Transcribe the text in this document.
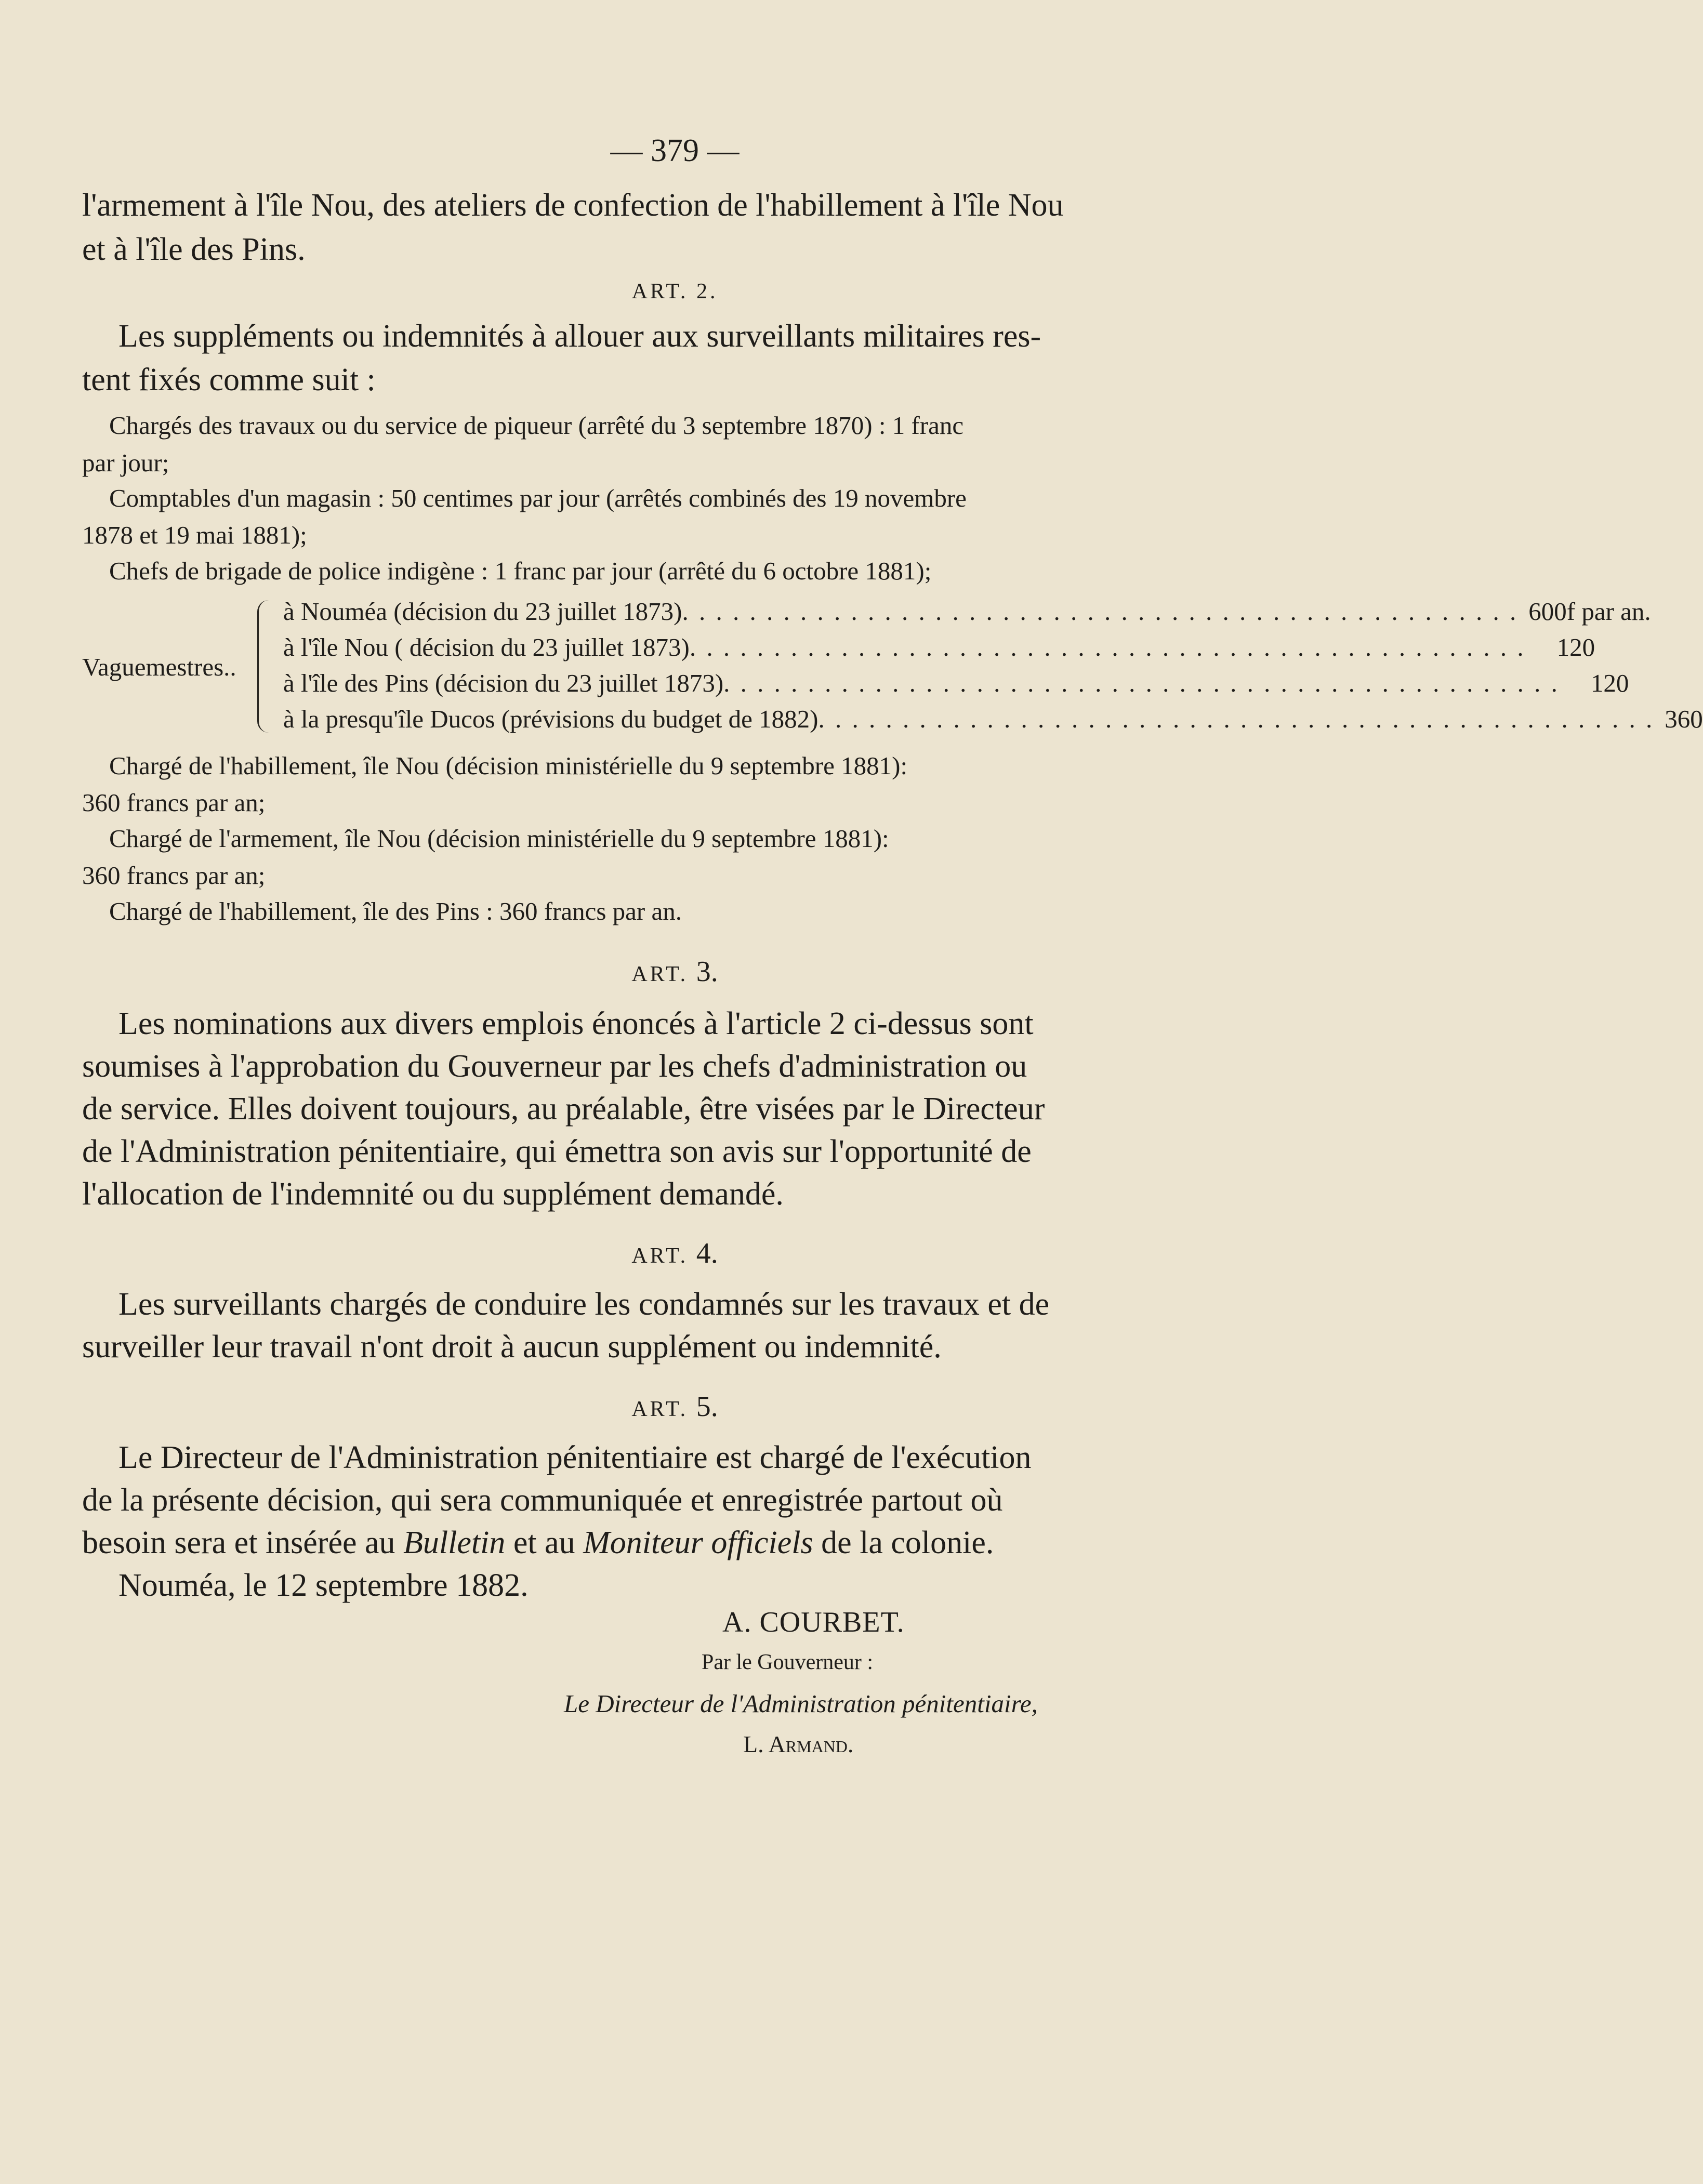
— 379 —
l'armement à l'île Nou, des ateliers de confection de l'habillement à l'île Nou
et à l'île des Pins.
ART. 2.
Les suppléments ou indemnités à allouer aux surveillants militaires res-
tent fixés comme suit :
Chargés des travaux ou du service de piqueur (arrêté du 3 septembre 1870) : 1 franc
par jour;
Comptables d'un magasin : 50 centimes par jour (arrêtés combinés des 19 novembre
1878 et 19 mai 1881);
Chefs de brigade de police indigène : 1 franc par jour (arrêté du 6 octobre 1881);
Vaguemestres..
à Nouméa (décision du 23 juillet 1873) . . . . . . . . . . . . . . . . . . . . . . . . . . . . . . . . . . . . . . . . . . . . . . . . . . 600f par an.
à l'île Nou ( décision du 23 juillet 1873) . . . . . . . . . . . . . . . . . . . . . . . . . . . . . . . . . . . . . . . . . . . . . . . . . .	120
à l'île des Pins (décision du 23 juillet 1873) . . . . . . . . . . . . . . . . . . . . . . . . . . . . . . . . . . . . . . . . . . . . . . . . . .	120
à la presqu'île Ducos (prévisions du budget de 1882) . . . . . . . . . . . . . . . . . . . . . . . . . . . . . . . . . . . . . . . . . . . . . . . . . . 360
Chargé de l'habillement, île Nou (décision ministérielle du 9 septembre 1881):
360 francs par an;
Chargé de l'armement, île Nou (décision ministérielle du 9 septembre 1881):
360 francs par an;
Chargé de l'habillement, île des Pins : 360 francs par an.
ART. 3.
Les nominations aux divers emplois énoncés à l'article 2 ci-dessus sont
soumises à l'approbation du Gouverneur par les chefs d'administration ou
de service. Elles doivent toujours, au préalable, être visées par le Directeur
de l'Administration pénitentiaire, qui émettra son avis sur l'opportunité de
l'allocation de l'indemnité ou du supplément demandé.
ART. 4.
Les surveillants chargés de conduire les condamnés sur les travaux et de
surveiller leur travail n'ont droit à aucun supplément ou indemnité.
ART. 5.
Le Directeur de l'Administration pénitentiaire est chargé de l'exécution
de la présente décision, qui sera communiquée et enregistrée partout où
besoin sera et insérée au Bulletin et au Moniteur officiels de la colonie.
Nouméa, le 12 septembre 1882.
A. COURBET.
Par le Gouverneur :
Le Directeur de l'Administration pénitentiaire,
L. Armand.
